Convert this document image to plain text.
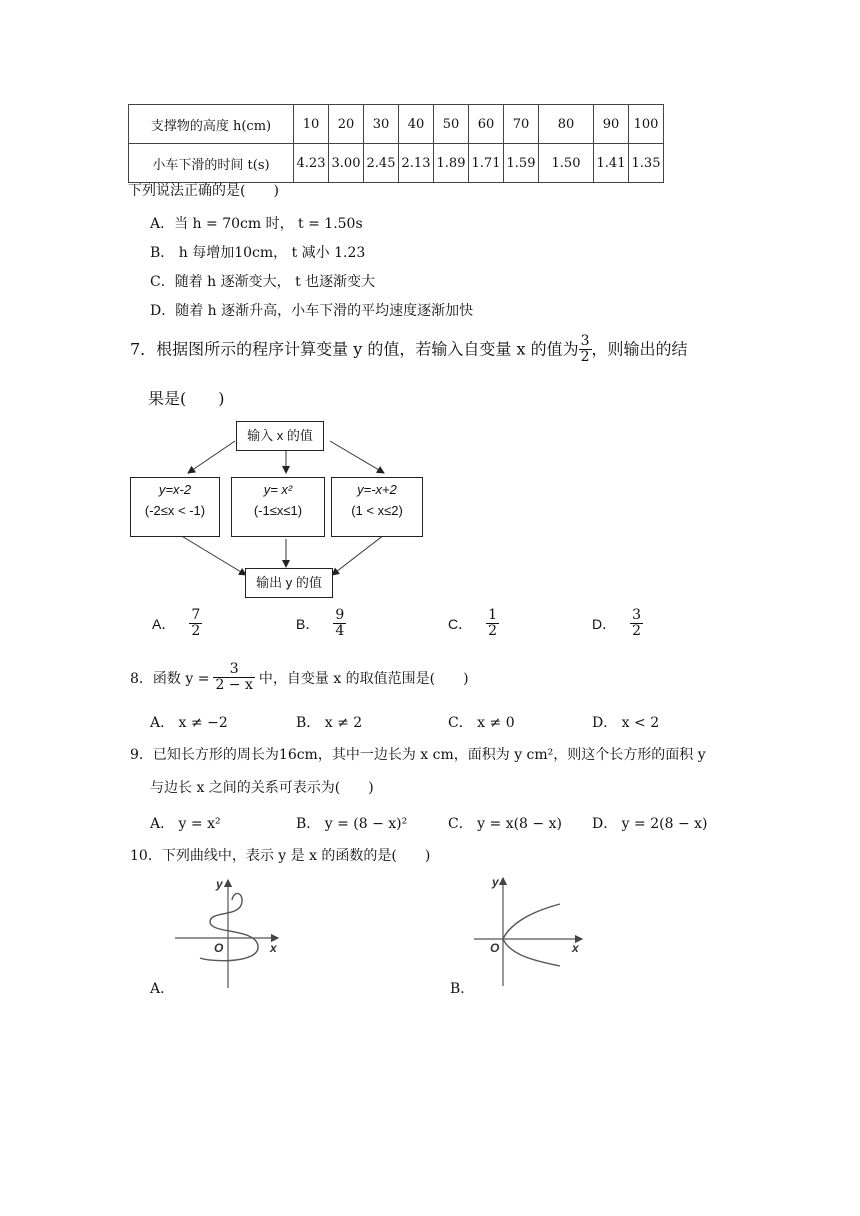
支撑物的高度 h(cm)	10	20	30	40	50	60	70	80	90	100
小车下滑的时间 t(s)	4.23	3.00	2.45	2.13	1.89	1.71	1.59	1.50	1.41	1.35
下列说法正确的是(　　)
A．当 h = 70cm 时， t = 1.50s
B． h 每增加10cm， t 减小 1.23
C．随着 h 逐渐变大， t 也逐渐变大
D．随着 h 逐渐升高，小车下滑的平均速度逐渐加快
7．根据图所示的程序计算变量 y 的值，若输入自变量 x 的值为 $\frac{3}{2}$ ，则输出的结
果是(　　)
输入 x 的值
y=x-2
(-2≤x < -1)
y= x²
(-1≤x≤1)
y=-x+2
(1 < x≤2)
输出 y 的值
A． $\frac{7}{2}$	B． $\frac{9}{4}$	C． $\frac{1}{2}$	D． $\frac{3}{2}$
8．函数 $y = \frac{3}{2 - x}$ 中，自变量 x 的取值范围是(　　)
A． x ≠ −2	B． x ≠ 2	C． x ≠ 0	D． x < 2
9．已知长方形的周长为16cm，其中一边长为 x cm，面积为 y cm²，则这个长方形的面积 y
与边长 x 之间的关系可表示为(　　)
A． y = x²	B． y = (8 − x)²	C． y = x(8 − x) D． y = 2(8 − x)
10．下列曲线中，表示 y 是 x 的函数的是(　　)
y
x
O
A．
y
x
O
B．
